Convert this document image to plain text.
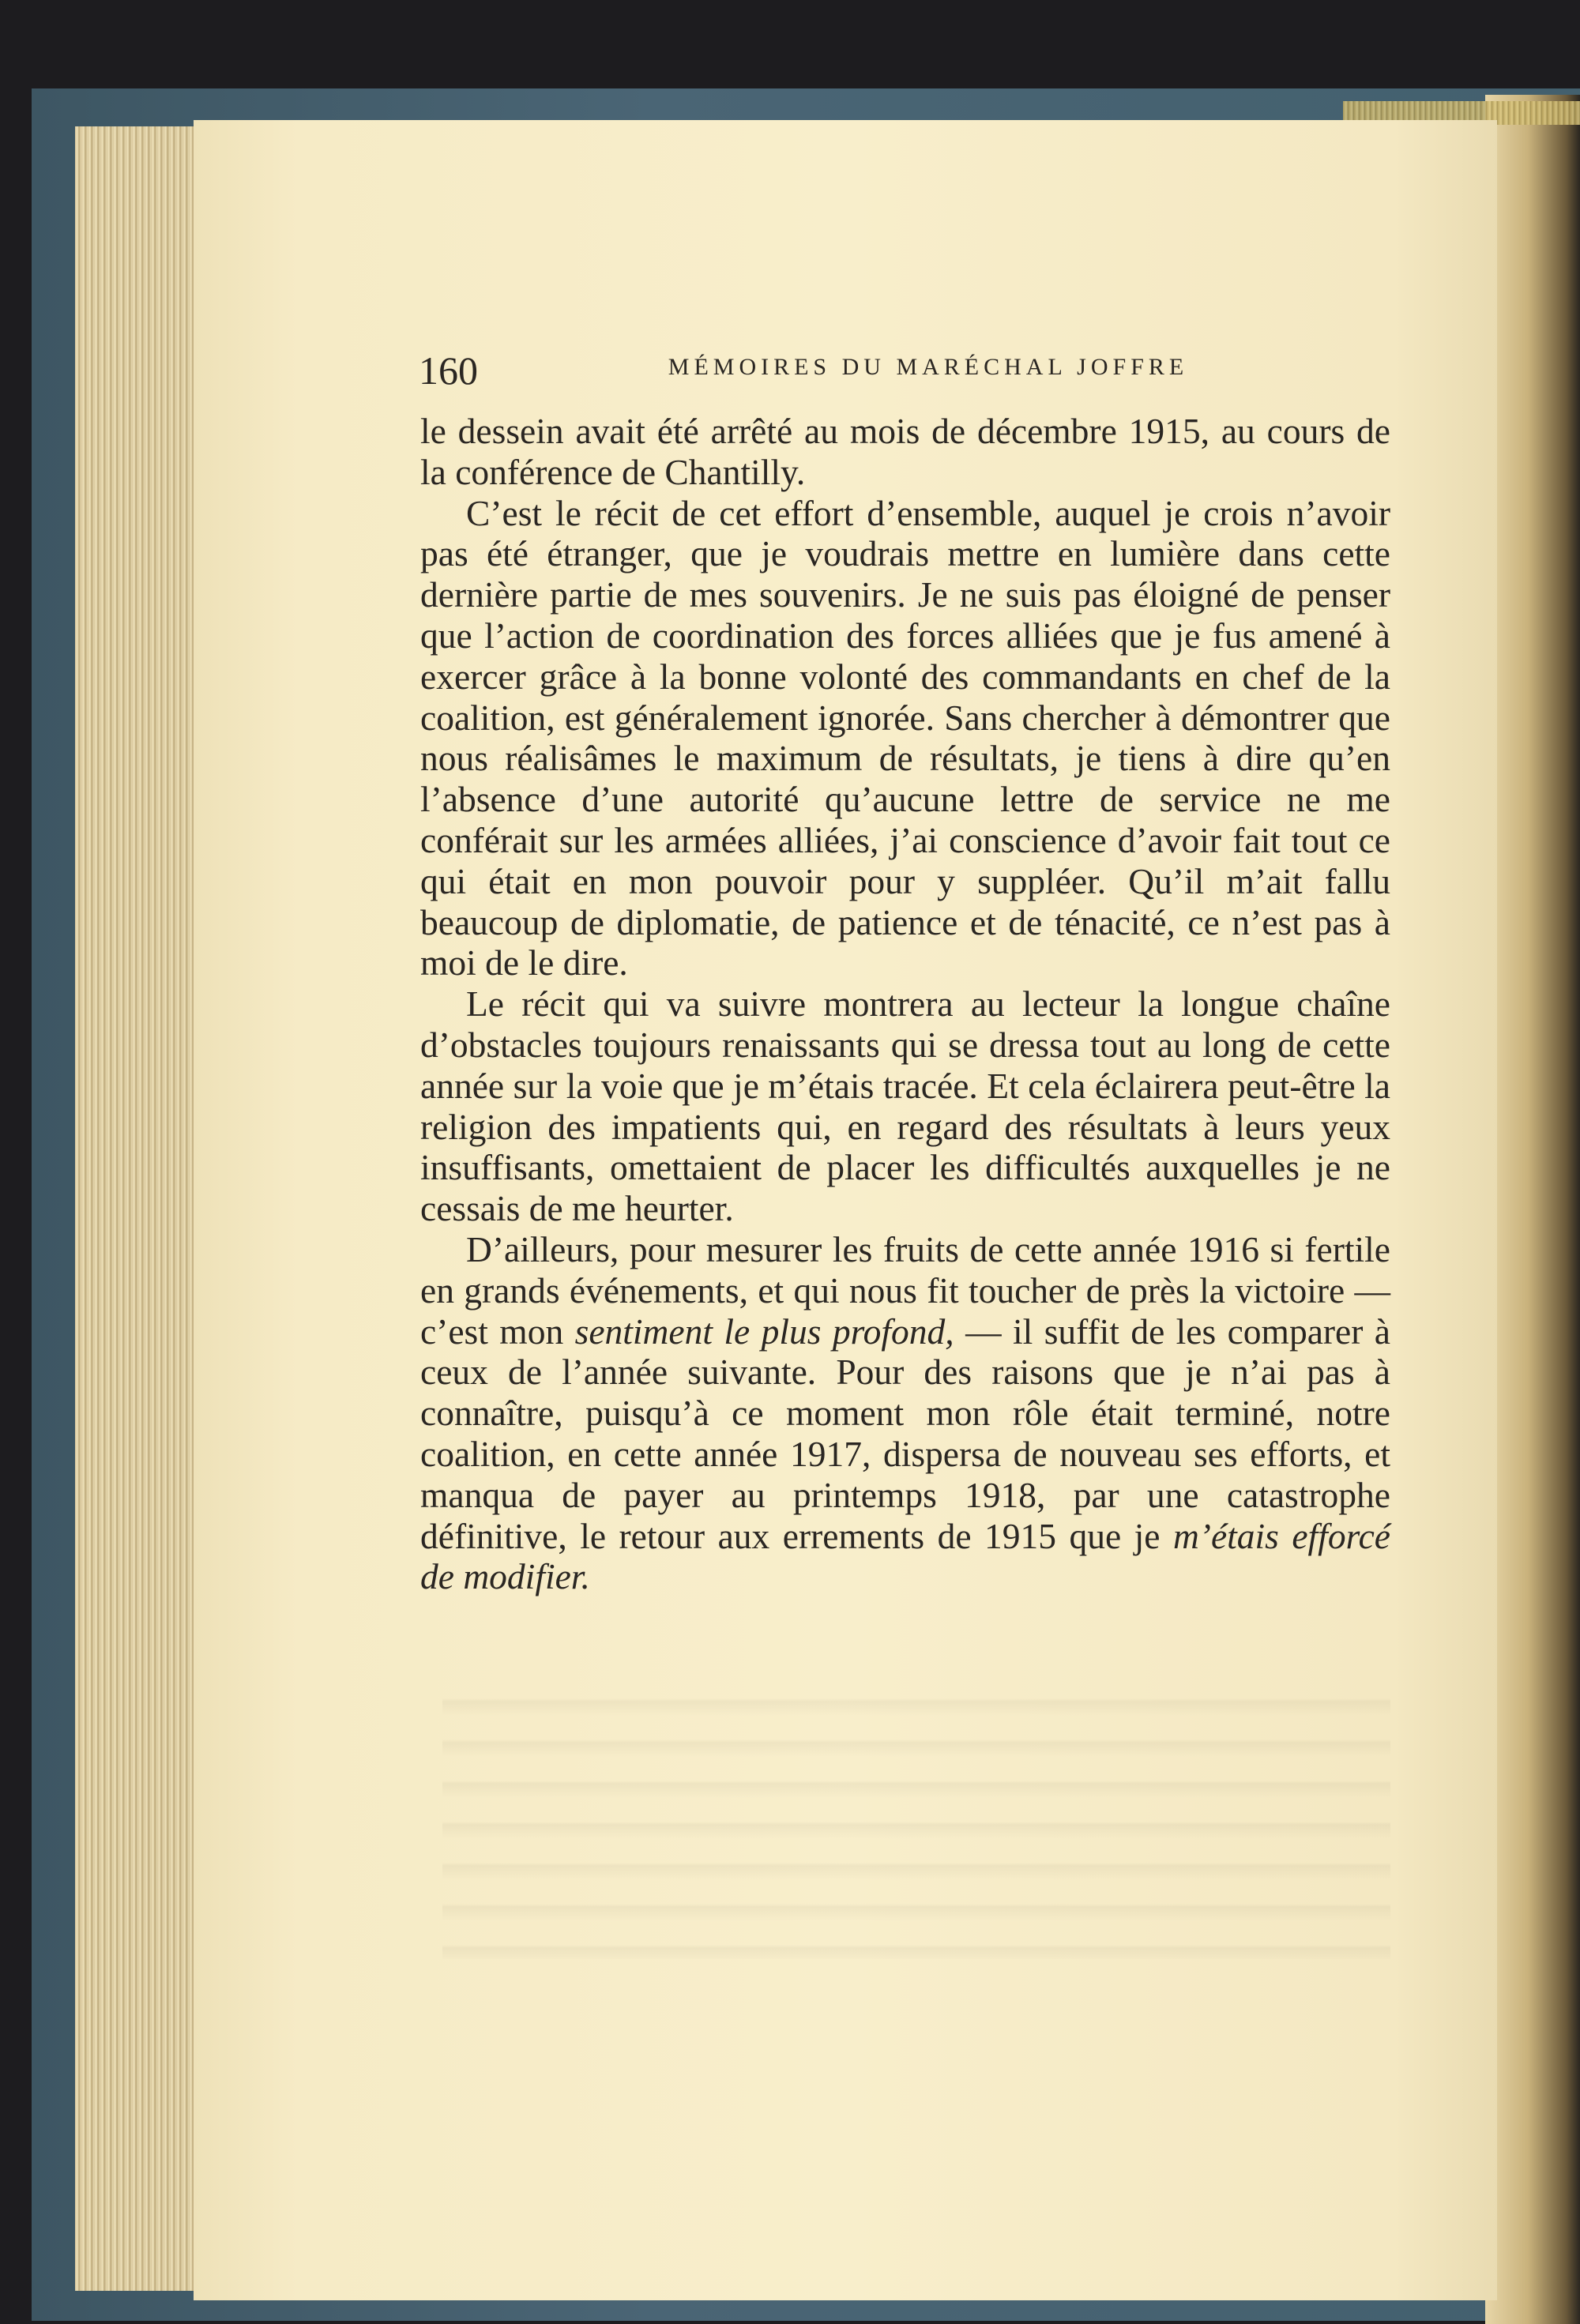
160	MÉMOIRES DU MARÉCHAL JOFFRE

le dessein avait été arrêté au mois de décembre 1915, au cours de la conférence de Chantilly.

C’est le récit de cet effort d’ensemble, auquel je crois n’avoir pas été étranger, que je voudrais mettre en lumière dans cette dernière partie de mes souvenirs. Je ne suis pas éloigné de penser que l’action de coordination des forces alliées que je fus amené à exercer grâce à la bonne volonté des commandants en chef de la coalition, est généralement ignorée. Sans chercher à démontrer que nous réalisâmes le maximum de résultats, je tiens à dire qu’en l’absence d’une autorité qu’aucune lettre de service ne me conférait sur les armées alliées, j’ai conscience d’avoir fait tout ce qui était en mon pouvoir pour y suppléer. Qu’il m’ait fallu beaucoup de diplomatie, de patience et de ténacité, ce n’est pas à moi de le dire.

Le récit qui va suivre montrera au lecteur la longue chaîne d’obstacles toujours renaissants qui se dressa tout au long de cette année sur la voie que je m’étais tracée. Et cela éclairera peut-être la religion des impatients qui, en regard des résultats à leurs yeux insuffisants, omettaient de placer les difficultés auxquelles je ne cessais de me heurter.

D’ailleurs, pour mesurer les fruits de cette année 1916 si fertile en grands événements, et qui nous fit toucher de près la victoire — c’est mon sentiment le plus profond, — il suffit de les comparer à ceux de l’année suivante. Pour des raisons que je n’ai pas à connaître, puisqu’à ce moment mon rôle était terminé, notre coalition, en cette année 1917, dispersa de nouveau ses efforts, et manqua de payer au printemps 1918, par une catastrophe définitive, le retour aux errements de 1915 que je m’étais efforcé de modifier.
